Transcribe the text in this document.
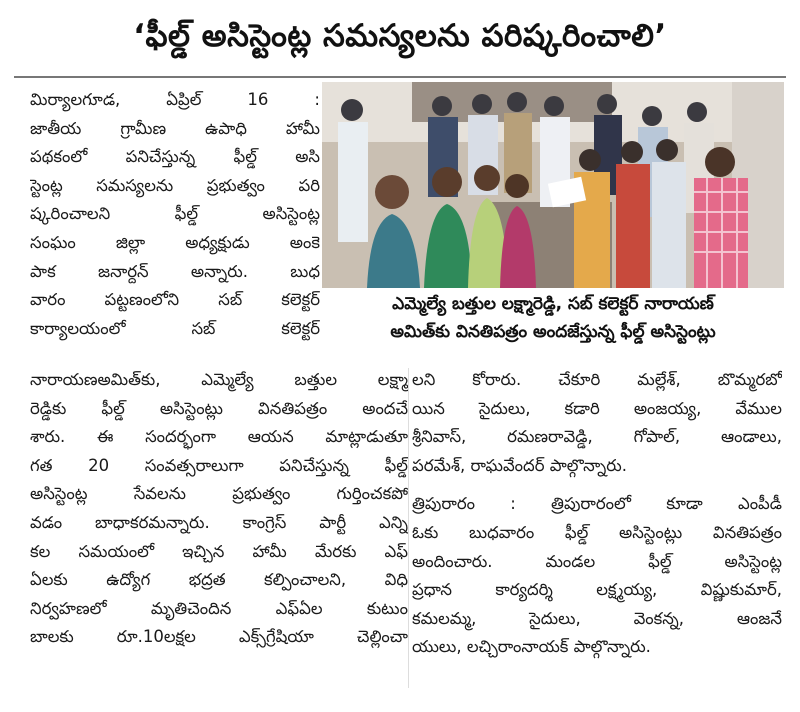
‘ఫీల్డ్ అసిస్టెంట్ల సమస్యలను పరిష్కరించాలి’
మిర్యాలగూడ, ఏప్రిల్ 16 :
జాతీయ గ్రామీణ ఉపాధి హామీ
పథకంలో పనిచేస్తున్న ఫీల్డ్ అసి
స్టెంట్ల సమస్యలను ప్రభుత్వం పరి
ష్కరించాలని ఫీల్డ్ అసిస్టెంట్ల
సంఘం జిల్లా అధ్యక్షుడు అంకె
పాక జనార్దన్ అన్నారు. బుధ
వారం పట్టణంలోని సబ్ కలెక్టర్
కార్యాలయంలో సబ్ కలెక్టర్
ఎమ్మెల్యే బత్తుల లక్ష్మారెడ్డి, సబ్ కలెక్టర్ నారాయణ్
అమిత్‌కు వినతిపత్రం అందజేస్తున్న ఫీల్డ్ అసిస్టెంట్లు
నారాయణఅమిత్‌కు, ఎమ్మెల్యే బత్తుల లక్ష్మా
రెడ్డికు ఫీల్డ్ అసిస్టెంట్లు వినతిపత్రం అందచే
శారు. ఈ సందర్భంగా ఆయన మాట్లాడుతూ
గత 20 సంవత్సరాలుగా పనిచేస్తున్న ఫీల్డ్
అసిస్టెంట్ల సేవలను ప్రభుత్వం గుర్తించకపో
వడం బాధాకరమన్నారు. కాంగ్రెస్ పార్టీ ఎన్ని
కల సమయంలో ఇచ్చిన హామీ మేరకు ఎఫ్
ఏలకు ఉద్యోగ భద్రత కల్పించాలని, విధి
నిర్వహణలో మృతిచెందిన ఎఫ్ఏల కుటుం
బాలకు రూ.10లక్షల ఎక్స్‌గ్రేషియా చెల్లించా
లని కోరారు. చేకూరి మల్లేశ్, బొమ్మరబో
యిన సైదులు, కడారి అంజయ్య, వేముల
శ్రీనివాస్, రమణరావెడ్డి, గోపాల్, ఆండాలు,
పరమేశ్, రాఘవేందర్ పాల్గొన్నారు.
త్రిపురారం : త్రిపురారంలో కూడా ఎంపీడీ
ఓకు బుధవారం ఫీల్డ్ అసిస్టెంట్లు వినతిపత్రం
అందించారు. మండల ఫీల్డ్ అసిస్టెంట్ల
ప్రధాన కార్యదర్శి లక్ష్మయ్య, విష్ణుకుమార్,
కమలమ్మ, సైదులు, వెంకన్న, ఆంజనే
యులు, లచ్చిరాంనాయక్ పాల్గొన్నారు.
